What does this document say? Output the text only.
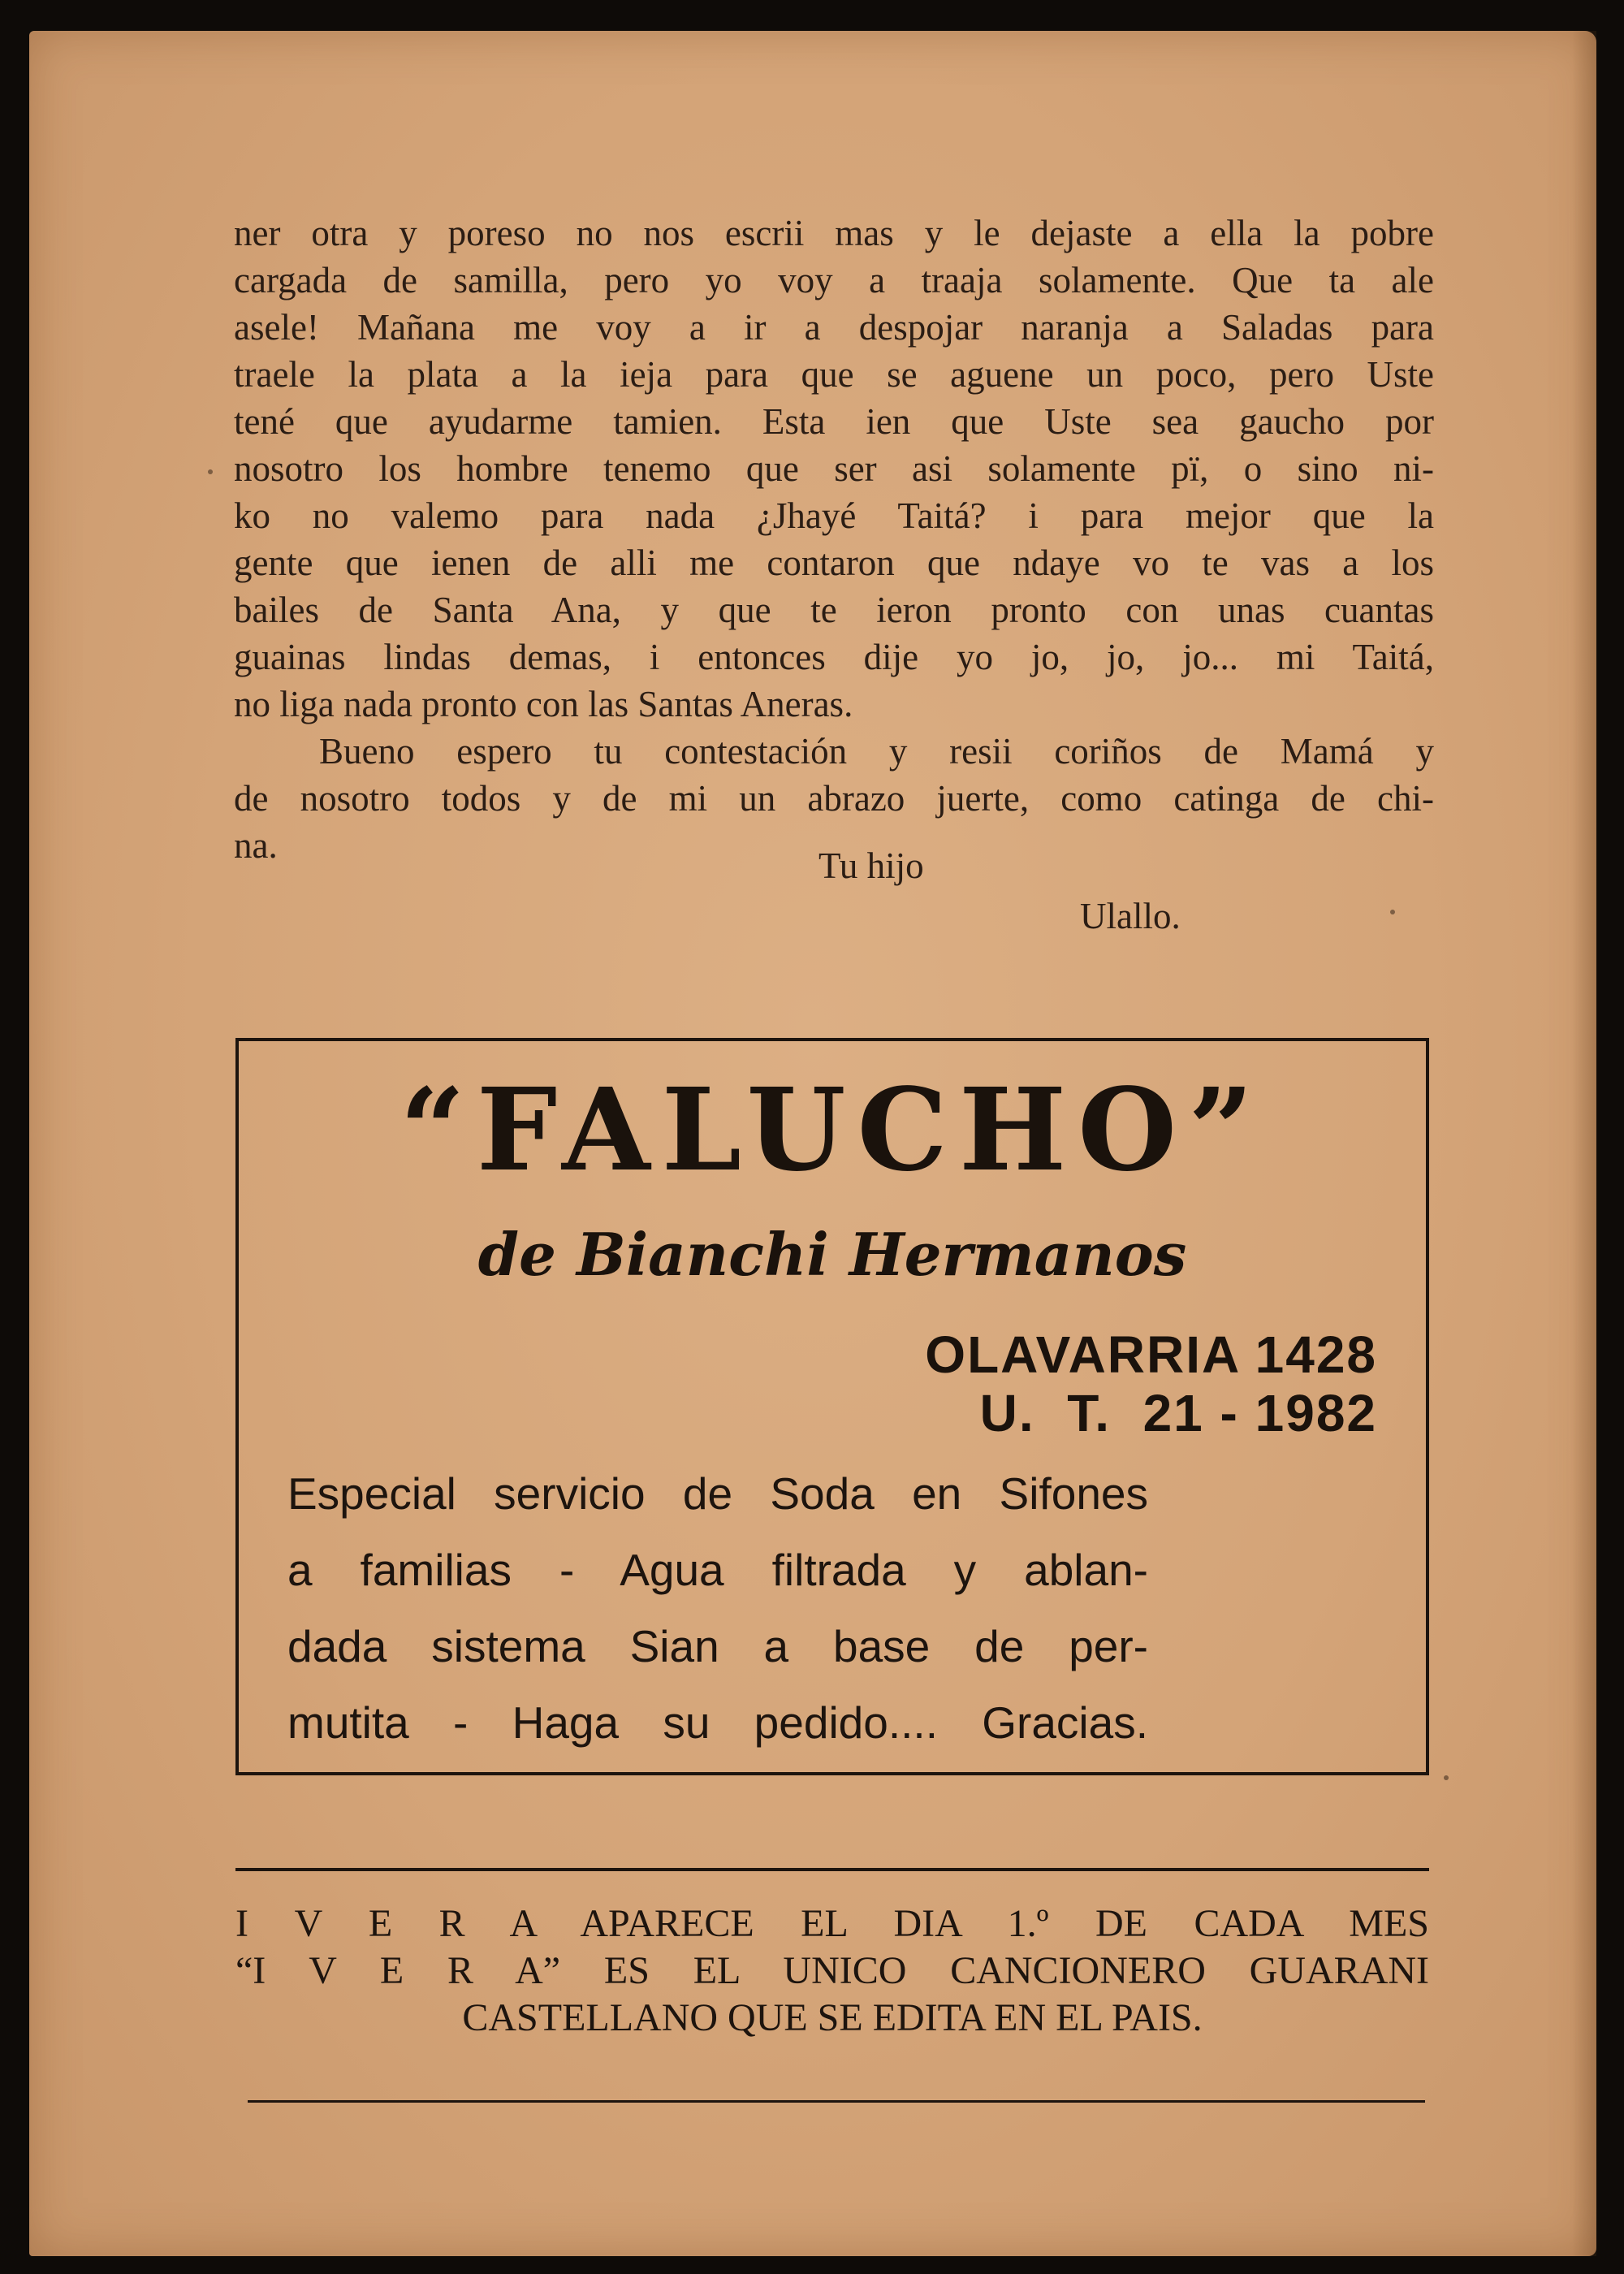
ner otra y poreso no nos escrii mas y le dejaste a ella la pobre
cargada de samilla, pero yo voy a traaja solamente. Que ta ale
asele! Mañana me voy a ir a despojar naranja a Saladas para
traele la plata a la ieja para que se aguene un poco, pero Uste
tené que ayudarme tamien. Esta ien que Uste sea gaucho por
nosotro los hombre tenemo que ser asi solamente pï, o sino ni-
ko no valemo para nada ¿Jhayé Taitá? i para mejor que la
gente que ienen de alli me contaron que ndaye vo te vas a los
bailes de Santa Ana, y que te ieron pronto con unas cuantas
guainas lindas demas, i entonces dije yo jo, jo, jo... mi Taitá,
no liga nada pronto con las Santas Aneras.
Bueno espero tu contestación y resii coriños de Mamá y
de nosotro todos y de mi un abrazo juerte, como catinga de chi-
na.	Tu hijo
Ulallo.
“FALUCHO”
de Bianchi Hermanos
OLAVARRIA 1428
U.  T.  21 - 1982
Especial servicio de Soda en Sifones
a familias - Agua filtrada y ablan-
dada sistema Sian a base de per-
mutita - Haga su pedido.... Gracias.
I V E R A APARECE EL DIA 1.º DE CADA MES
“I V E R A” ES EL UNICO CANCIONERO GUARANI
CASTELLANO QUE SE EDITA EN EL PAIS.
